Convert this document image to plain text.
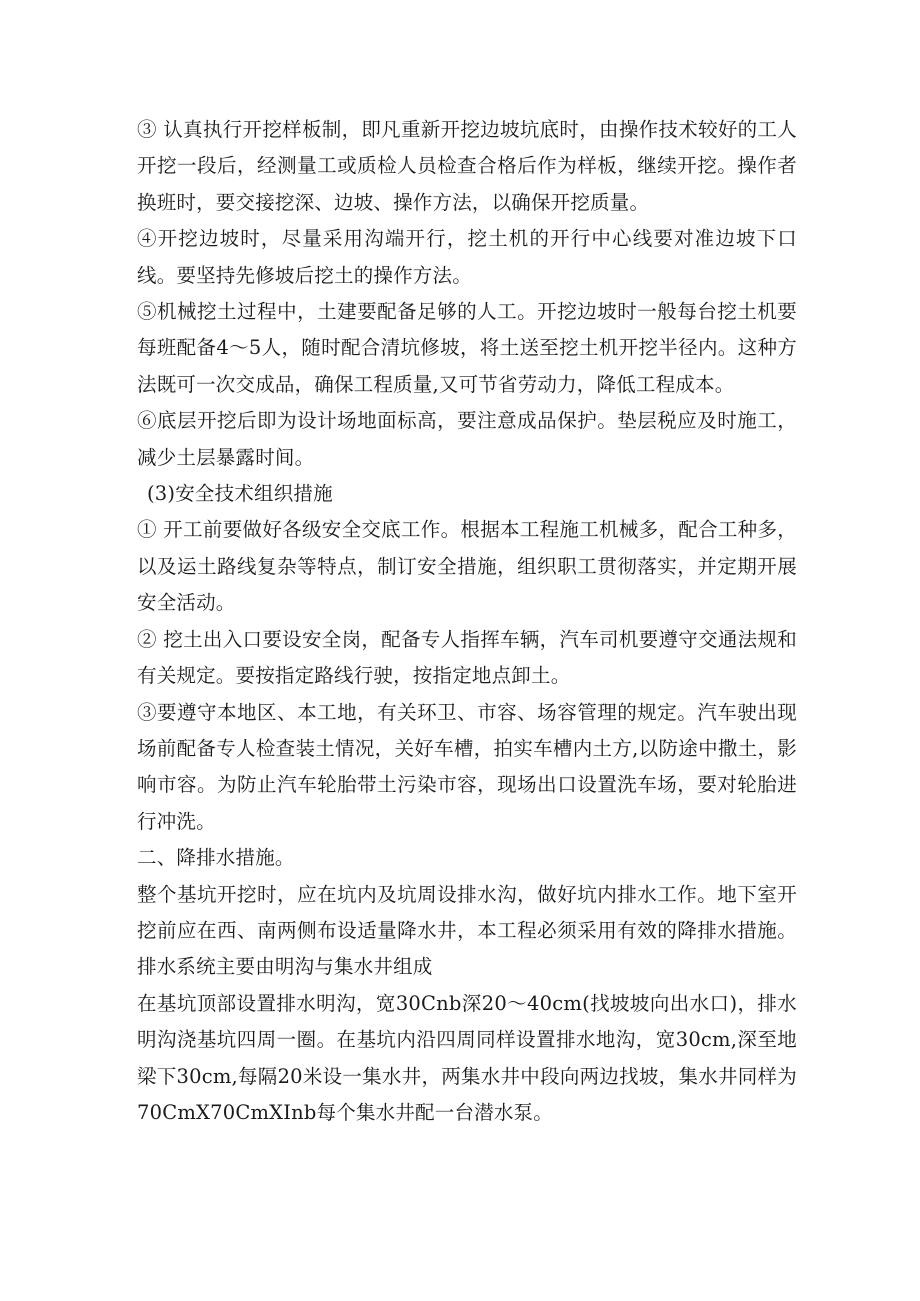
③ 认真执行开挖样板制，即凡重新开挖边坡坑底时，由操作技术较好的工人开挖一段后，经测量工或质检人员检查合格后作为样板，继续开挖。操作者换班时，要交接挖深、边坡、操作方法，以确保开挖质量。

④开挖边坡时，尽量采用沟端开行，挖土机的开行中心线要对准边坡下口线。要坚持先修坡后挖土的操作方法。

⑤机械挖土过程中，土建要配备足够的人工。开挖边坡时一般每台挖土机要每班配备4～5人，随时配合清坑修坡，将土送至挖土机开挖半径内。这种方法既可一次交成品，确保工程质量,又可节省劳动力，降低工程成本。

⑥底层开挖后即为设计场地面标高，要注意成品保护。垫层税应及时施工，减少土层暴露时间。

(3)安全技术组织措施

① 开工前要做好各级安全交底工作。根据本工程施工机械多，配合工种多，以及运土路线复杂等特点，制订安全措施，组织职工贯彻落实，并定期开展安全活动。

② 挖土出入口要设安全岗，配备专人指挥车辆，汽车司机要遵守交通法规和有关规定。要按指定路线行驶，按指定地点卸土。

③要遵守本地区、本工地，有关环卫、市容、场容管理的规定。汽车驶出现场前配备专人检查装土情况，关好车槽，拍实车槽内土方,以防途中撒土，影响市容。为防止汽车轮胎带土污染市容，现场出口设置洗车场，要对轮胎进行冲洗。

二、降排水措施。

整个基坑开挖时，应在坑内及坑周设排水沟，做好坑内排水工作。地下室开挖前应在西、南两侧布设适量降水井，本工程必须采用有效的降排水措施。排水系统主要由明沟与集水井组成

在基坑顶部设置排水明沟，宽30Cnb深20～40cm(找坡坡向出水口)，排水明沟浇基坑四周一圈。在基坑内沿四周同样设置排水地沟，宽30cm,深至地梁下30cm,每隔20米设一集水井，两集水井中段向两边找坡，集水井同样为70CmX70CmXInb每个集水井配一台潜水泵。
